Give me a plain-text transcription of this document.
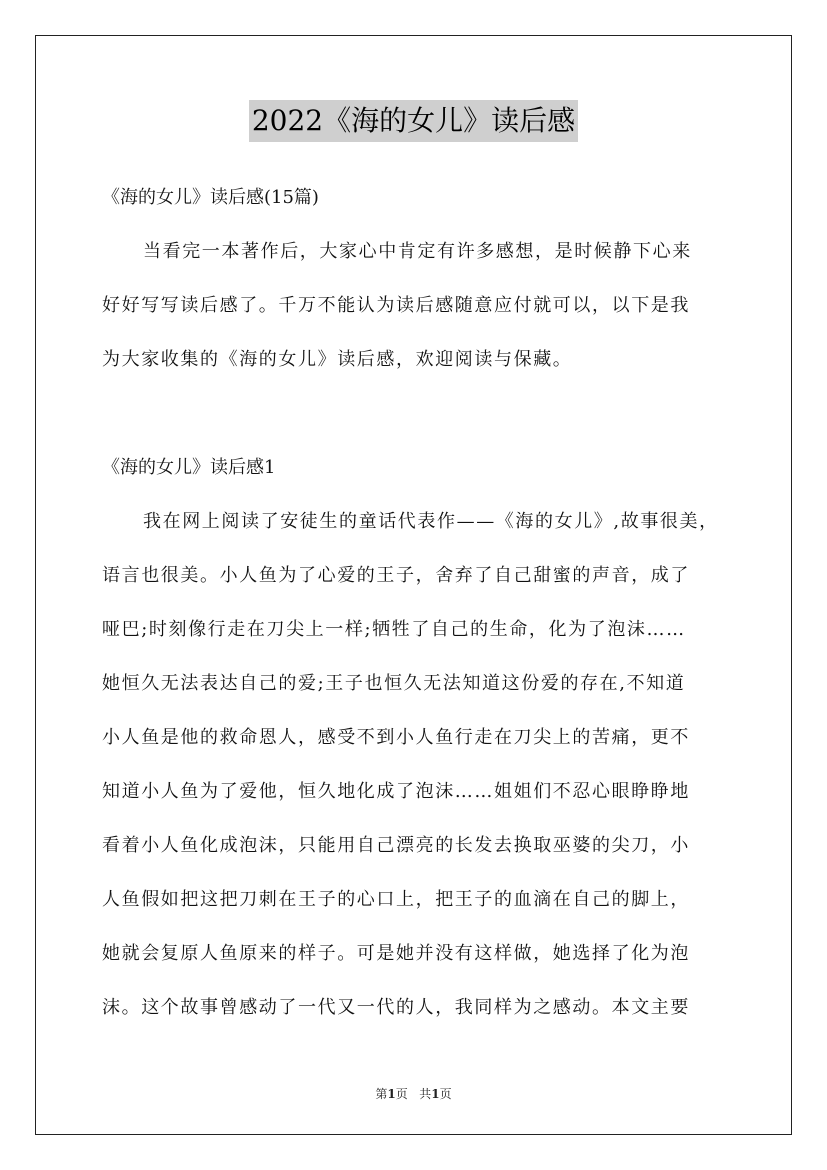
2022《海的女儿》读后感
《海的女儿》读后感(15篇)
当看完一本著作后，大家心中肯定有许多感想，是时候静下心来
好好写写读后感了。千万不能认为读后感随意应付就可以，以下是我
为大家收集的《海的女儿》读后感，欢迎阅读与保藏。
《海的女儿》读后感1
我在网上阅读了安徒生的童话代表作——《海的女儿》,故事很美，
语言也很美。小人鱼为了心爱的王子，舍弃了自己甜蜜的声音，成了
哑巴;时刻像行走在刀尖上一样;牺牲了自己的生命，化为了泡沫……
她恒久无法表达自己的爱;王子也恒久无法知道这份爱的存在,不知道
小人鱼是他的救命恩人，感受不到小人鱼行走在刀尖上的苦痛，更不
知道小人鱼为了爱他，恒久地化成了泡沫……姐姐们不忍心眼睁睁地
看着小人鱼化成泡沫，只能用自己漂亮的长发去换取巫婆的尖刀，小
人鱼假如把这把刀刺在王子的心口上，把王子的血滴在自己的脚上，
她就会复原人鱼原来的样子。可是她并没有这样做，她选择了化为泡
沫。这个故事曾感动了一代又一代的人，我同样为之感动。本文主要
第1页 共1页
